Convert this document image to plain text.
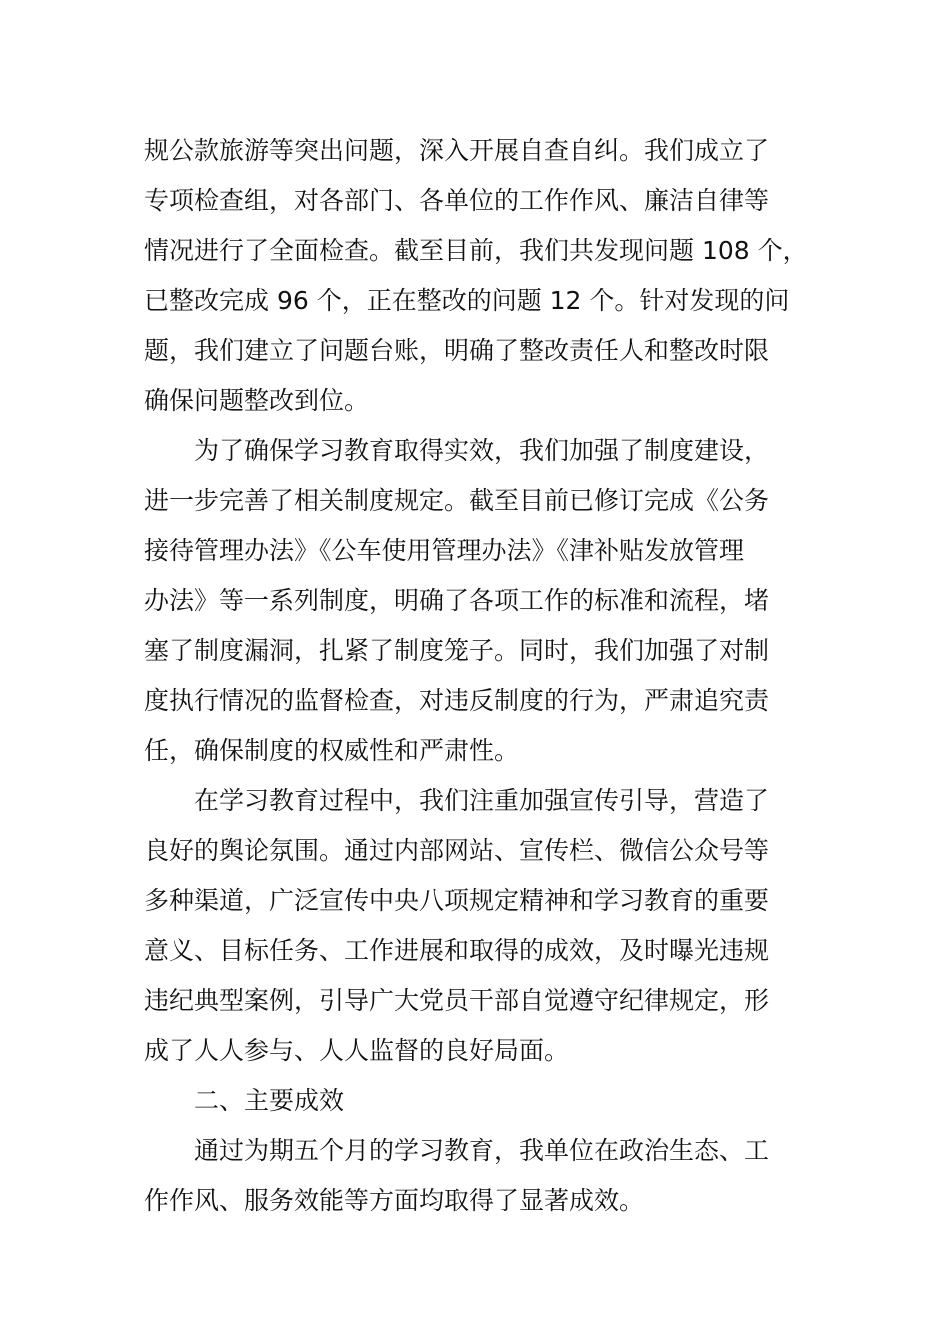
规公款旅游等突出问题，深入开展自查自纠。我们成立了
专项检查组，对各部门、各单位的工作作风、廉洁自律等
情况进行了全面检查。截至目前，我们共发现问题 108 个，
已整改完成 96 个，正在整改的问题 12 个。针对发现的问
题，我们建立了问题台账，明确了整改责任人和整改时限
确保问题整改到位。
为了确保学习教育取得实效，我们加强了制度建设，
进一步完善了相关制度规定。截至目前已修订完成《公务
接待管理办法》《公车使用管理办法》《津补贴发放管理
办法》等一系列制度，明确了各项工作的标准和流程，堵
塞了制度漏洞，扎紧了制度笼子。同时，我们加强了对制
度执行情况的监督检查，对违反制度的行为，严肃追究责
任，确保制度的权威性和严肃性。
在学习教育过程中，我们注重加强宣传引导，营造了
良好的舆论氛围。通过内部网站、宣传栏、微信公众号等
多种渠道，广泛宣传中央八项规定精神和学习教育的重要
意义、目标任务、工作进展和取得的成效，及时曝光违规
违纪典型案例，引导广大党员干部自觉遵守纪律规定，形
成了人人参与、人人监督的良好局面。
二、主要成效
通过为期五个月的学习教育，我单位在政治生态、工
作作风、服务效能等方面均取得了显著成效。
